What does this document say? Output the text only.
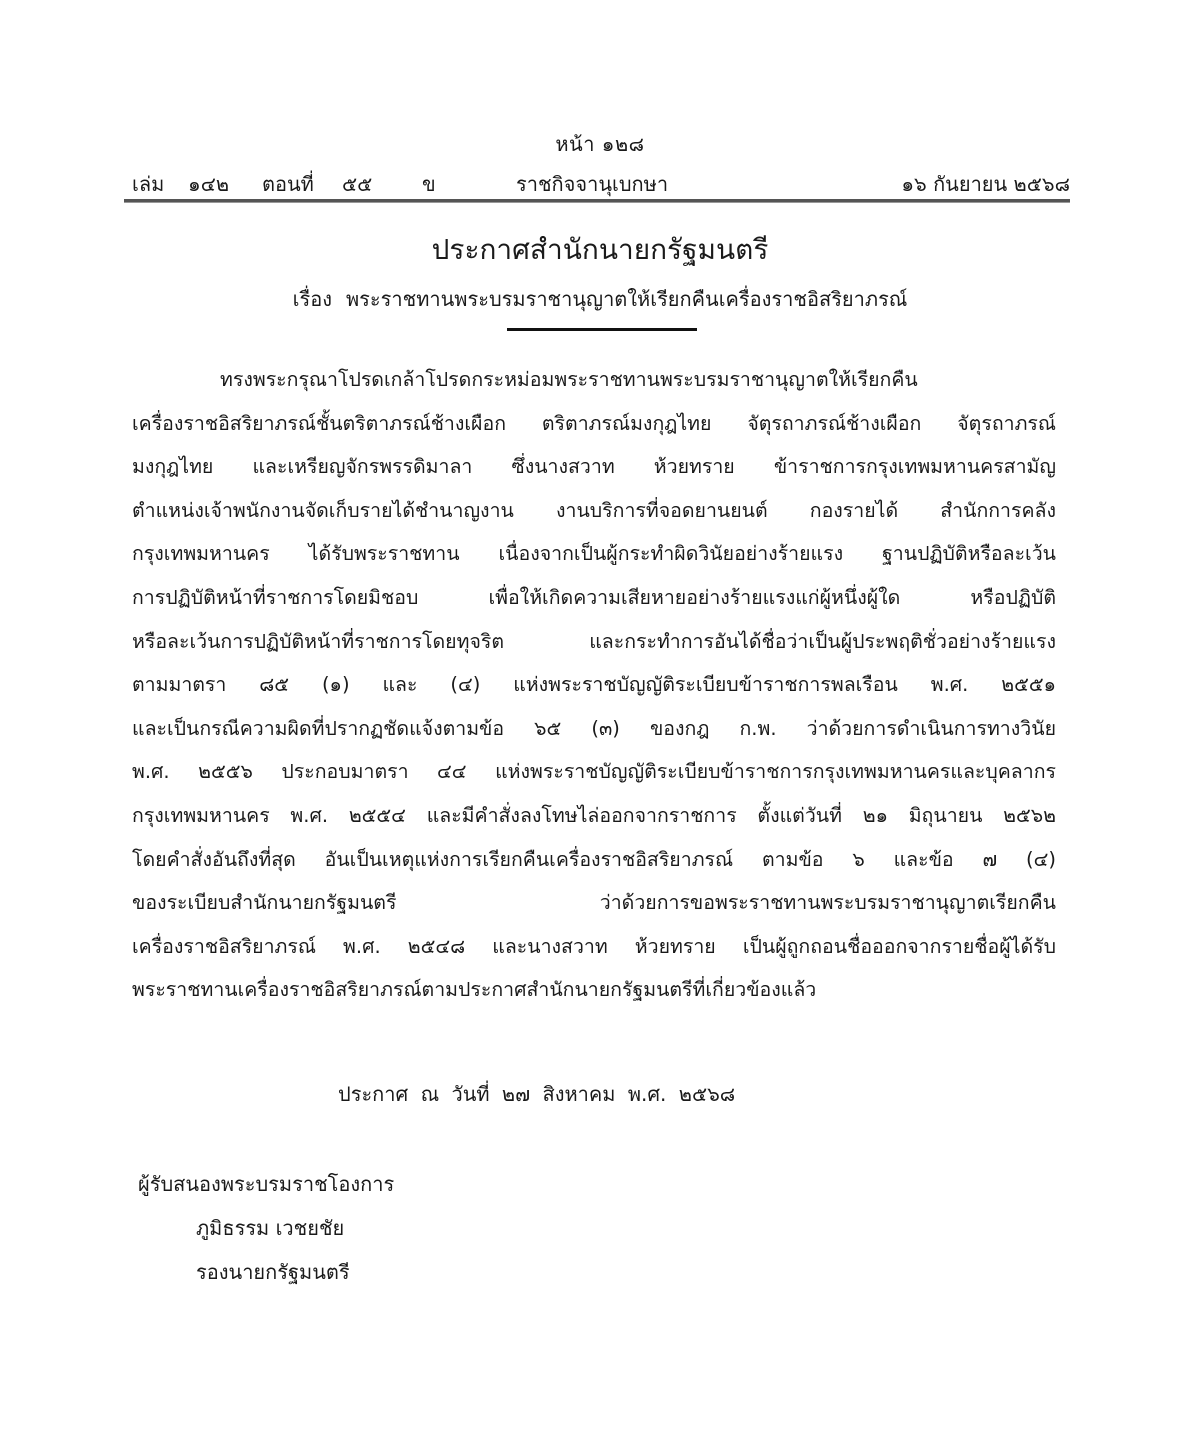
หน้า ๑๒๘
เล่ม ๑๔๒ ตอนที่ ๕๕ ข	ราชกิจจานุเบกษา	๑๖ กันยายน ๒๕๖๘
ประกาศสำนักนายกรัฐมนตรี
เรื่อง พระราชทานพระบรมราชานุญาตให้เรียกคืนเครื่องราชอิสริยาภรณ์
ทรงพระกรุณาโปรดเกล้าโปรดกระหม่อมพระราชทานพระบรมราชานุญาตให้เรียกคืน
เครื่องราชอิสริยาภรณ์ชั้นตริตาภรณ์ช้างเผือก ตริตาภรณ์มงกุฎไทย จัตุรถาภรณ์ช้างเผือก จัตุรถาภรณ์
มงกุฎไทย และเหรียญจักรพรรดิมาลา ซึ่งนางสวาท ห้วยทราย ข้าราชการกรุงเทพมหานครสามัญ
ตำแหน่งเจ้าพนักงานจัดเก็บรายได้ชำนาญงาน งานบริการที่จอดยานยนต์ กองรายได้ สำนักการคลัง
กรุงเทพมหานคร ได้รับพระราชทาน เนื่องจากเป็นผู้กระทำผิดวินัยอย่างร้ายแรง ฐานปฏิบัติหรือละเว้น
การปฏิบัติหน้าที่ราชการโดยมิชอบ เพื่อให้เกิดความเสียหายอย่างร้ายแรงแก่ผู้หนึ่งผู้ใด หรือปฏิบัติ
หรือละเว้นการปฏิบัติหน้าที่ราชการโดยทุจริต และกระทำการอันได้ชื่อว่าเป็นผู้ประพฤติชั่วอย่างร้ายแรง
ตามมาตรา ๘๕ (๑) และ (๔) แห่งพระราชบัญญัติระเบียบข้าราชการพลเรือน พ.ศ. ๒๕๕๑
และเป็นกรณีความผิดที่ปรากฏชัดแจ้งตามข้อ ๖๕ (๓) ของกฎ ก.พ. ว่าด้วยการดำเนินการทางวินัย
พ.ศ. ๒๕๕๖ ประกอบมาตรา ๔๔ แห่งพระราชบัญญัติระเบียบข้าราชการกรุงเทพมหานครและบุคลากร
กรุงเทพมหานคร พ.ศ. ๒๕๕๔ และมีคำสั่งลงโทษไล่ออกจากราชการ ตั้งแต่วันที่ ๒๑ มิถุนายน ๒๕๖๒
โดยคำสั่งอันถึงที่สุด อันเป็นเหตุแห่งการเรียกคืนเครื่องราชอิสริยาภรณ์ ตามข้อ ๖ และข้อ ๗ (๔)
ของระเบียบสำนักนายกรัฐมนตรี ว่าด้วยการขอพระราชทานพระบรมราชานุญาตเรียกคืน
เครื่องราชอิสริยาภรณ์ พ.ศ. ๒๕๔๘ และนางสวาท ห้วยทราย เป็นผู้ถูกถอนชื่อออกจากรายชื่อผู้ได้รับ
พระราชทานเครื่องราชอิสริยาภรณ์ตามประกาศสำนักนายกรัฐมนตรีที่เกี่ยวข้องแล้ว
ประกาศ ณ วันที่ ๒๗ สิงหาคม พ.ศ. ๒๕๖๘
ผู้รับสนองพระบรมราชโองการ
ภูมิธรรม เวชยชัย
รองนายกรัฐมนตรี
